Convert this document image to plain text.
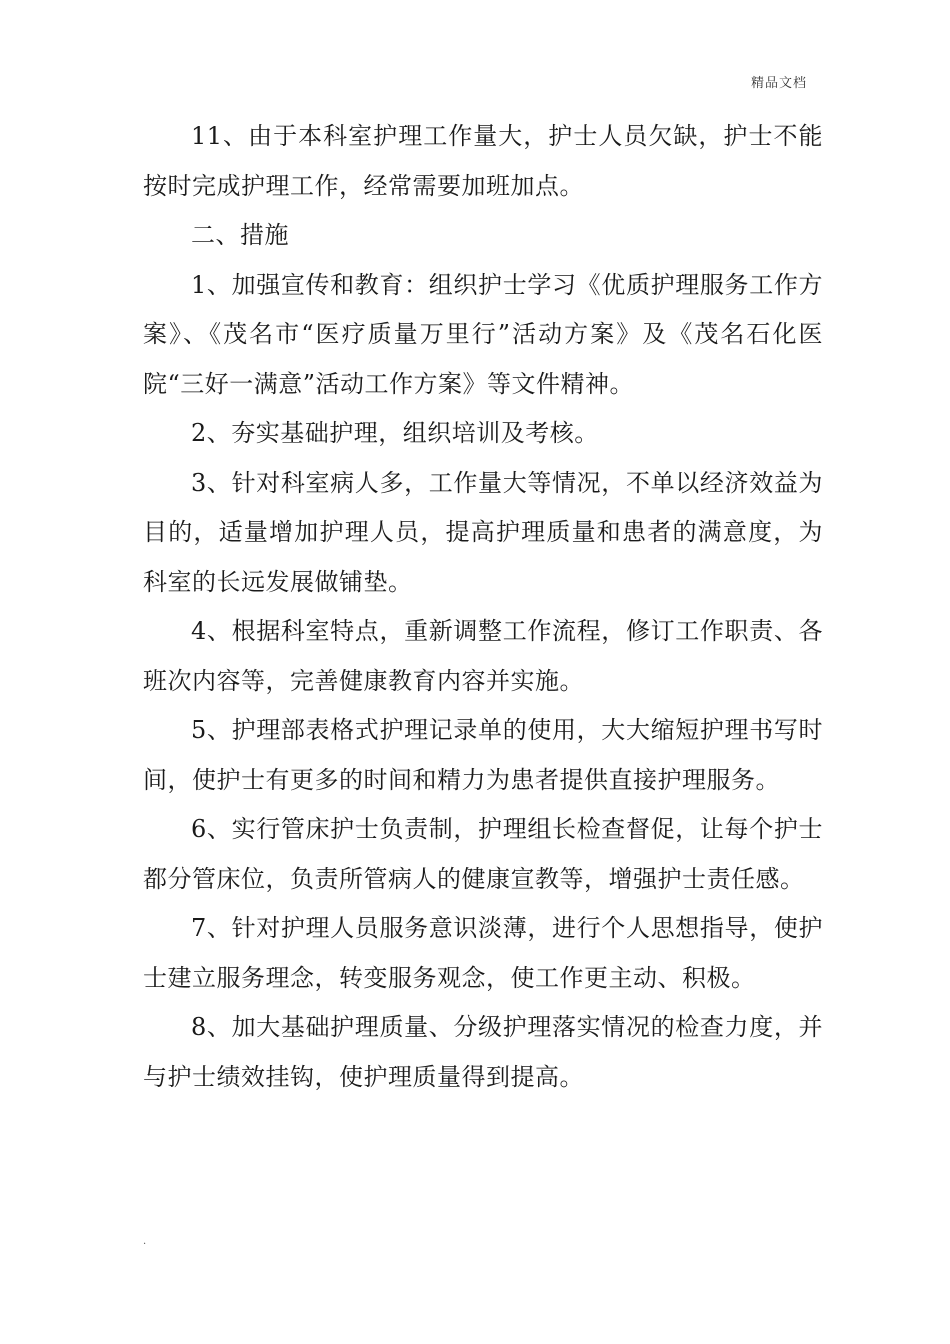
精品文档

11、由于本科室护理工作量大，护士人员欠缺，护士不能按时完成护理工作，经常需要加班加点。

二、措施

1、加强宣传和教育：组织护士学习《优质护理服务工作方案》、《茂名市“医疗质量万里行”活动方案》及《茂名石化医院“三好一满意”活动工作方案》等文件精神。

2、夯实基础护理，组织培训及考核。

3、针对科室病人多，工作量大等情况，不单以经济效益为目的，适量增加护理人员，提高护理质量和患者的满意度，为科室的长远发展做铺垫。

4、根据科室特点，重新调整工作流程，修订工作职责、各班次内容等，完善健康教育内容并实施。

5、护理部表格式护理记录单的使用，大大缩短护理书写时间，使护士有更多的时间和精力为患者提供直接护理服务。

6、实行管床护士负责制，护理组长检查督促，让每个护士都分管床位，负责所管病人的健康宣教等，增强护士责任感。

7、针对护理人员服务意识淡薄，进行个人思想指导，使护士建立服务理念，转变服务观念，使工作更主动、积极。

8、加大基础护理质量、分级护理落实情况的检查力度，并与护士绩效挂钩，使护理质量得到提高。

.
